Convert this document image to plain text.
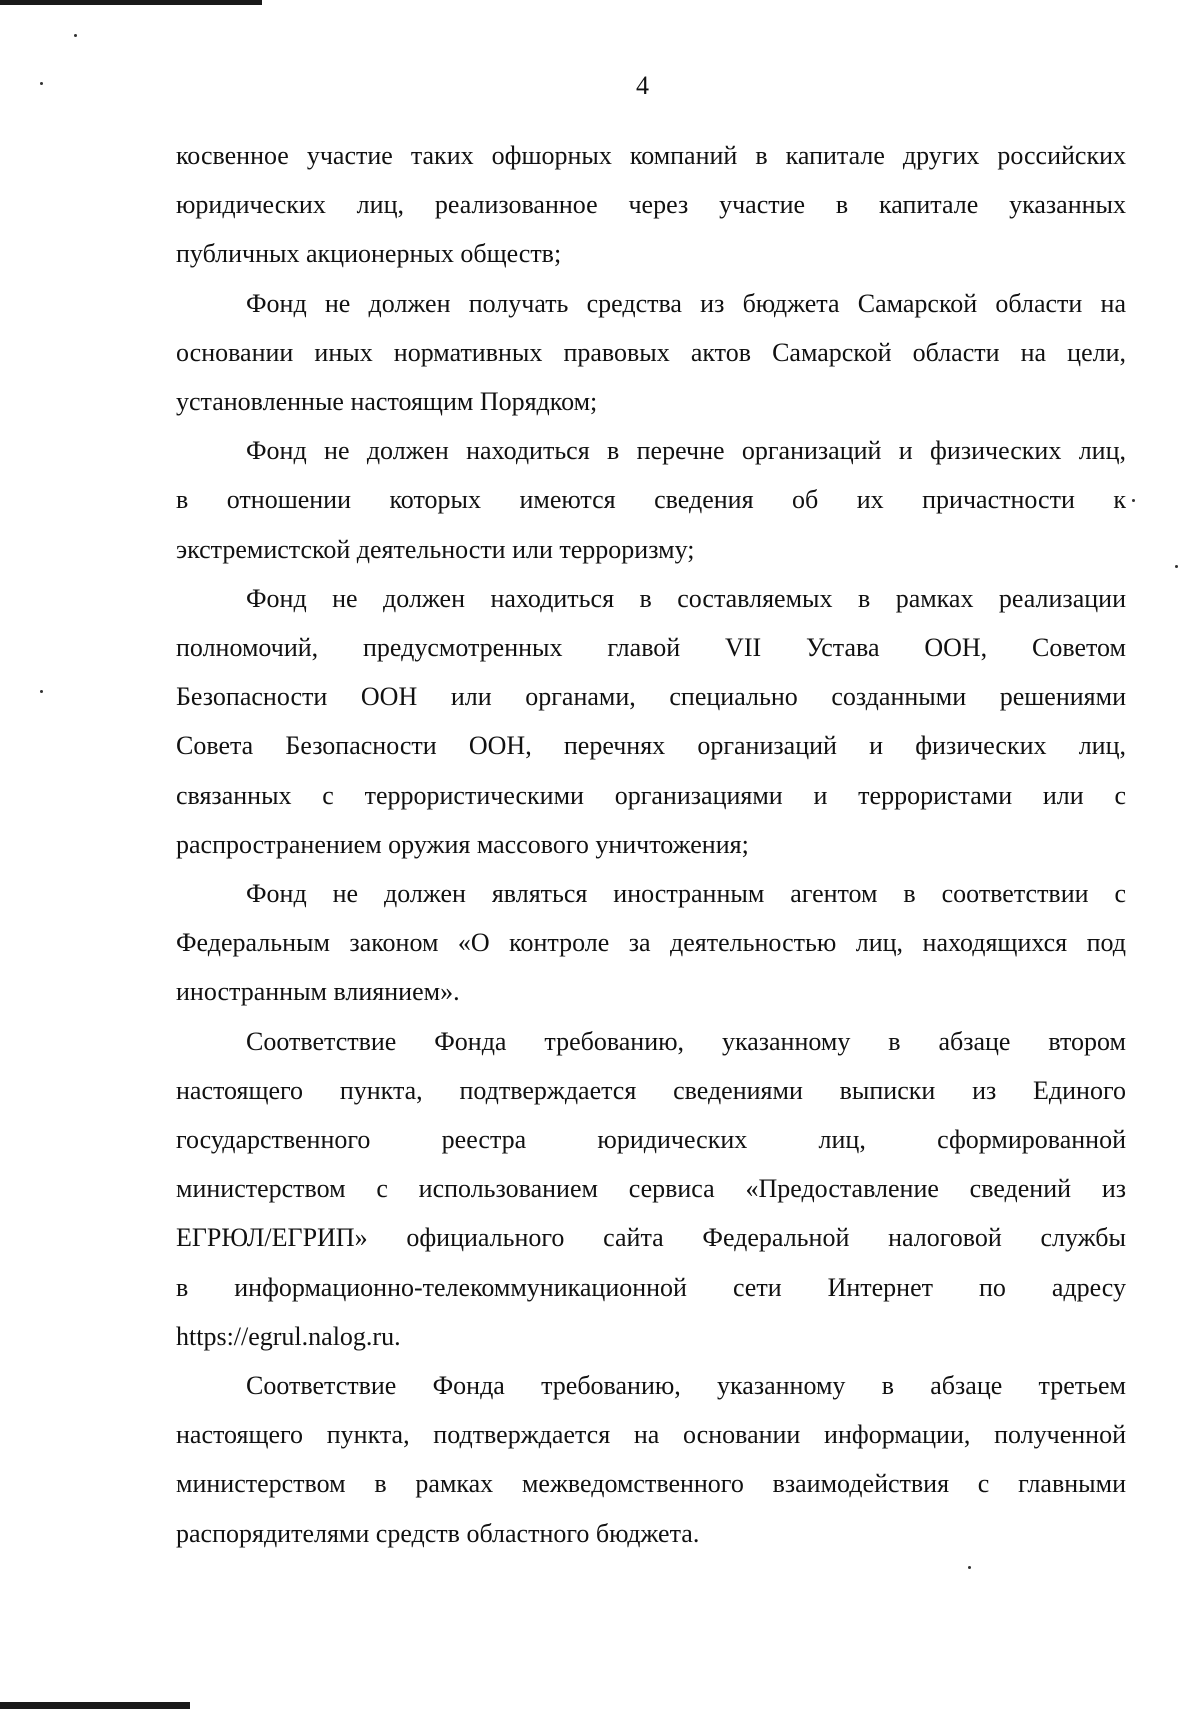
4
косвенное участие таких офшорных компаний в капитале других российских
юридических лиц, реализованное через участие в капитале указанных
публичных акционерных обществ;
Фонд не должен получать средства из бюджета Самарской области на
основании иных нормативных правовых актов Самарской области на цели,
установленные настоящим Порядком;
Фонд не должен находиться в перечне организаций и физических лиц,
в отношении которых имеются сведения об их причастности к
экстремистской деятельности или терроризму;
Фонд не должен находиться в составляемых в рамках реализации
полномочий, предусмотренных главой VII Устава ООН, Советом
Безопасности ООН или органами, специально созданными решениями
Совета Безопасности ООН, перечнях организаций и физических лиц,
связанных с террористическими организациями и террористами или с
распространением оружия массового уничтожения;
Фонд не должен являться иностранным агентом в соответствии с
Федеральным законом «О контроле за деятельностью лиц, находящихся под
иностранным влиянием».
Соответствие Фонда требованию, указанному в абзаце втором
настоящего пункта, подтверждается сведениями выписки из Единого
государственного реестра юридических лиц, сформированной
министерством с использованием сервиса «Предоставление сведений из
ЕГРЮЛ/ЕГРИП» официального сайта Федеральной налоговой службы
в информационно-телекоммуникационной сети Интернет по адресу
https://egrul.nalog.ru.
Соответствие Фонда требованию, указанному в абзаце третьем
настоящего пункта, подтверждается на основании информации, полученной
министерством в рамках межведомственного взаимодействия с главными
распорядителями средств областного бюджета.
